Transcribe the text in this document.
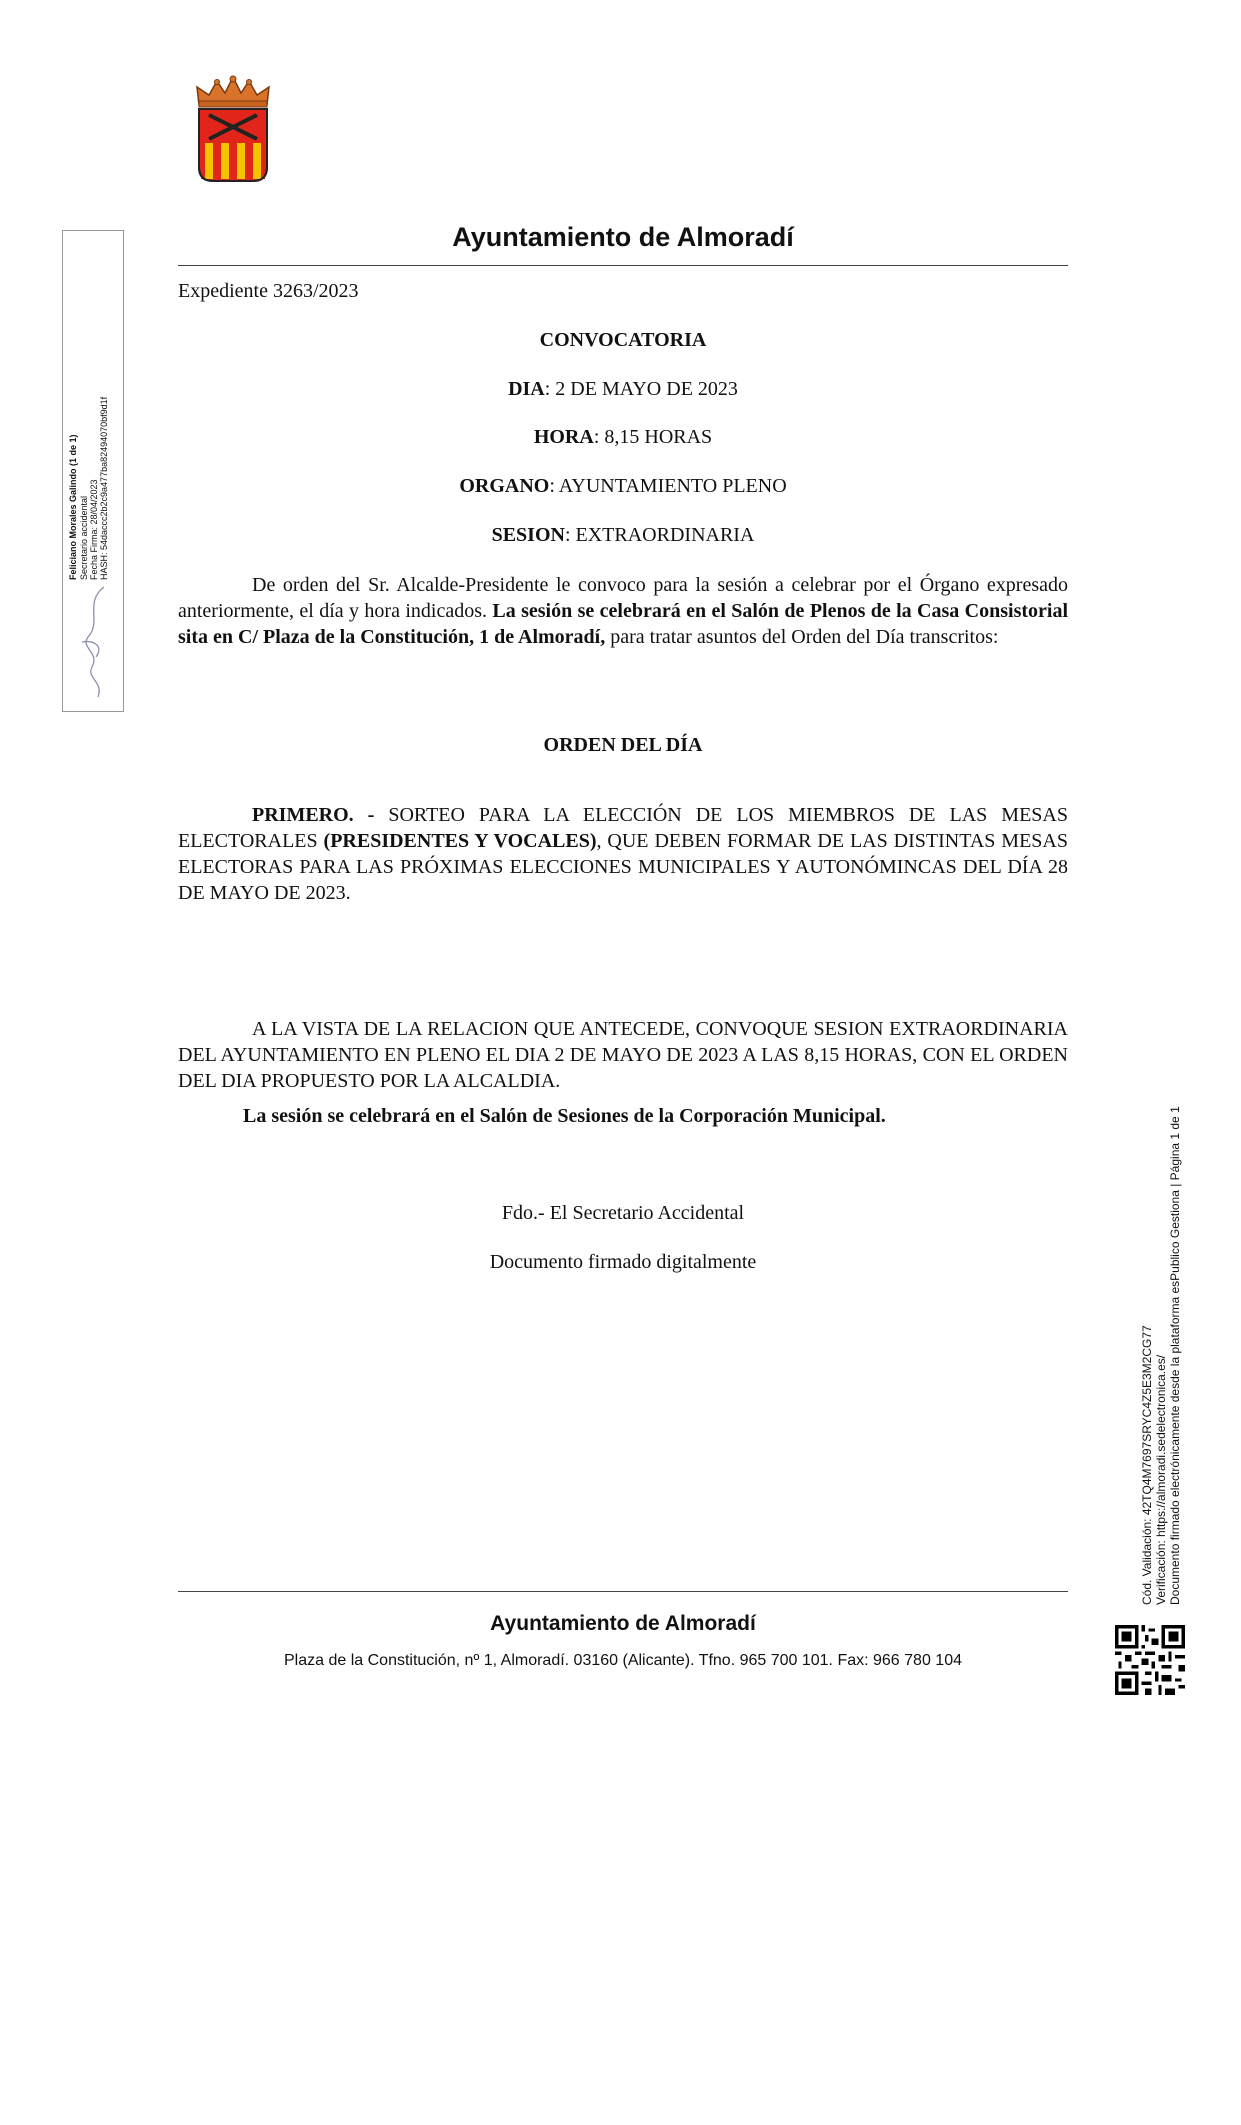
Ayuntamiento de Almoradí
Expediente 3263/2023
CONVOCATORIA
DIA: 2 DE MAYO DE 2023
HORA: 8,15 HORAS
ORGANO: AYUNTAMIENTO PLENO
SESION: EXTRAORDINARIA
De orden del Sr. Alcalde-Presidente le convoco para la sesión a celebrar por el Órgano expresado anteriormente, el día y hora indicados. La sesión se celebrará en el Salón de Plenos de la Casa Consistorial sita en C/ Plaza de la Constitución, 1 de Almoradí, para tratar asuntos del Orden del Día transcritos:
ORDEN DEL DÍA
PRIMERO. - SORTEO PARA LA ELECCIÓN DE LOS MIEMBROS DE LAS MESAS ELECTORALES (PRESIDENTES Y VOCALES), QUE DEBEN FORMAR DE LAS DISTINTAS MESAS ELECTORAS PARA LAS PRÓXIMAS ELECCIONES MUNICIPALES Y AUTONÓMINCAS DEL DÍA 28 DE MAYO DE 2023.
A LA VISTA DE LA RELACION QUE ANTECEDE, CONVOQUE SESION EXTRAORDINARIA DEL AYUNTAMIENTO EN PLENO EL DIA 2 DE MAYO DE 2023 A LAS 8,15 HORAS, CON EL ORDEN DEL DIA PROPUESTO POR LA ALCALDIA.
La sesión se celebrará en el Salón de Sesiones de la Corporación Municipal.
Fdo.- El Secretario Accidental
Documento firmado digitalmente
Feliciano Morales Galindo (1 de 1) Secretario accidental Fecha Firma: 28/04/2023 HASH: 54daccc2b2c9a477ba82494070bf9d1f
Cód. Validación: 42TQ4M7697SRYC4Z5E3M2CG77 Verificación: https://almoradi.sedelectronica.es/ Documento firmado electrónicamente desde la plataforma esPublico Gestiona | Página 1 de 1
Ayuntamiento de Almoradí
Plaza de la Constitución, nº 1, Almoradí. 03160 (Alicante). Tfno. 965 700 101. Fax: 966 780 104
